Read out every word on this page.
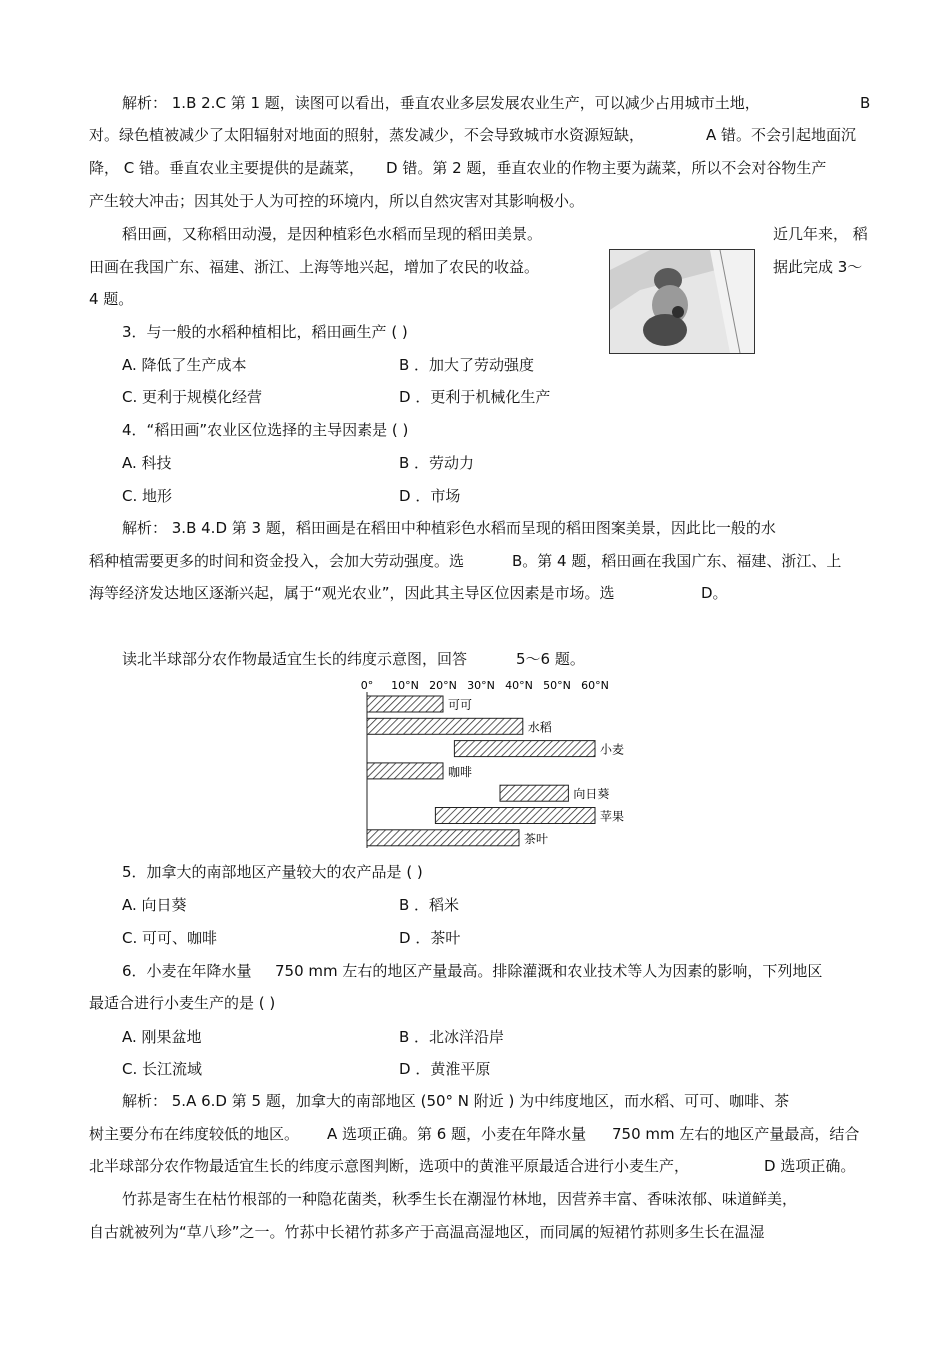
解析： 1.B 2.C 第 1 题，读图可以看出，垂直农业多层发展农业生产，可以减少占用城市土地，	B
对。绿色植被减少了太阳辐射对地面的照射，蒸发减少，不会导致城市水资源短缺，	A 错。不会引起地面沉
降， C 错。垂直农业主要提供的是蔬菜， D 错。第 2 题，垂直农业的作物主要为蔬菜，所以不会对谷物生产
产生较大冲击；因其处于人为可控的环境内，所以自然灾害对其影响极小。
稻田画，又称稻田动漫，是因种植彩色水稻而呈现的稻田美景。	近几年来， 稻
田画在我国广东、福建、浙江、上海等地兴起，增加了农民的收益。	据此完成 3～
4 题。
3．与一般的水稻种植相比，稻田画生产 ( )
A. 降低了生产成本	B ．加大了劳动强度
C. 更利于规模化经营	D ．更利于机械化生产
4．“稻田画”农业区位选择的主导因素是 ( )
A. 科技	B ．劳动力
C. 地形	D ．市场
解析： 3.B 4.D 第 3 题，稻田画是在稻田中种植彩色水稻而呈现的稻田图案美景，因此比一般的水
稻种植需要更多的时间和资金投入，会加大劳动强度。选	B。第 4 题，稻田画在我国广东、福建、浙江、上
海等经济发达地区逐渐兴起，属于“观光农业”，因此其主导区位因素是市场。选	D。
读北半球部分农作物最适宜生长的纬度示意图，回答	5～6 题。
0° 10°N 20°N 30°N 40°N 50°N 60°N
可可
水稻
小麦
咖啡
向日葵
苹果
茶叶
5．加拿大的南部地区产量较大的农产品是 ( )
A. 向日葵	B ．稻米
C. 可可、咖啡	D ．茶叶
6．小麦在年降水量 750 mm 左右的地区产量最高。排除灌溉和农业技术等人为因素的影响，下列地区
最适合进行小麦生产的是 ( )
A. 刚果盆地	B ．北冰洋沿岸
C. 长江流域	D ．黄淮平原
解析： 5.A 6.D 第 5 题，加拿大的南部地区 (50° N 附近 ) 为中纬度地区，而水稻、可可、咖啡、茶
树主要分布在纬度较低的地区。 A 选项正确。第 6 题，小麦在年降水量 750 mm 左右的地区产量最高，结合
北半球部分农作物最适宜生长的纬度示意图判断，选项中的黄淮平原最适合进行小麦生产，	D 选项正确。
竹荪是寄生在枯竹根部的一种隐花菌类，秋季生长在潮湿竹林地，因营养丰富、香味浓郁、味道鲜美，
自古就被列为“草八珍”之一。竹荪中长裙竹荪多产于高温高湿地区，而同属的短裙竹荪则多生长在温湿
